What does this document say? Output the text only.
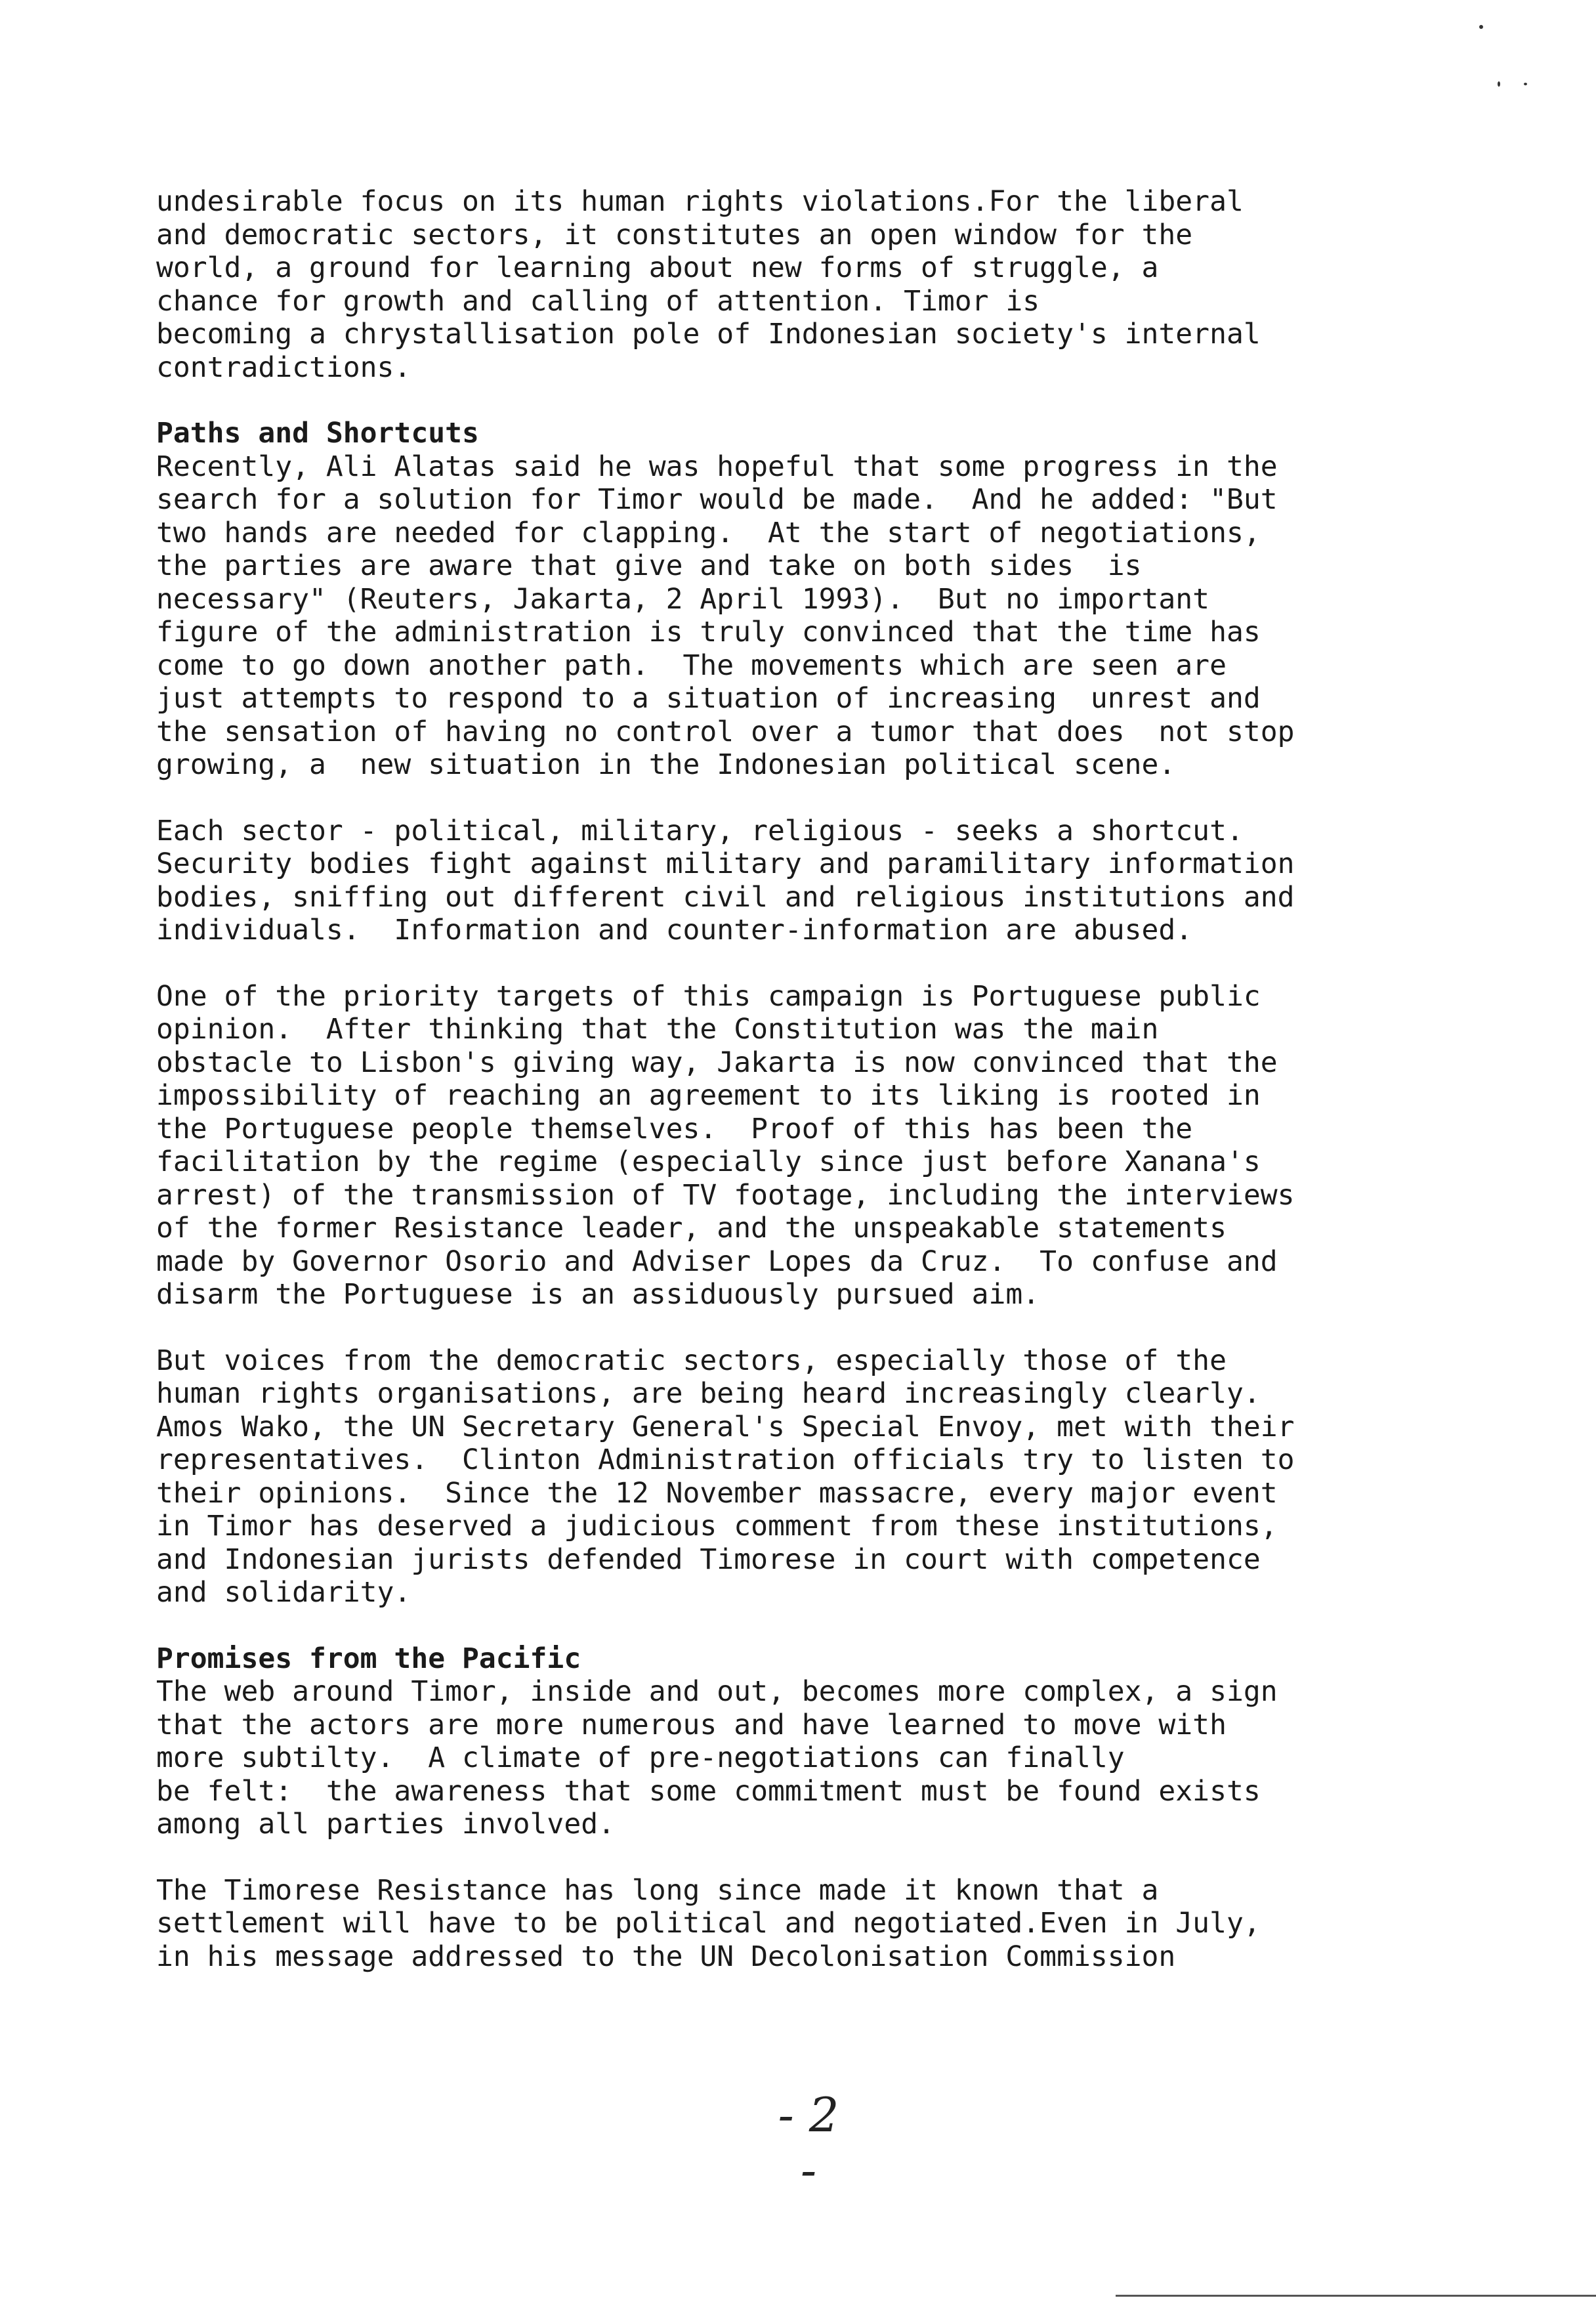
undesirable focus on its human rights violations.For the liberal
and democratic sectors, it constitutes an open window for the
world, a ground for learning about new forms of struggle, a
chance for growth and calling of attention. Timor is
becoming a chrystallisation pole of Indonesian society's internal
contradictions.
Paths and Shortcuts
Recently, Ali Alatas said he was hopeful that some progress in the
search for a solution for Timor would be made.  And he added: "But
two hands are needed for clapping.  At the start of negotiations,
the parties are aware that give and take on both sides  is
necessary" (Reuters, Jakarta, 2 April 1993).  But no important
figure of the administration is truly convinced that the time has
come to go down another path.  The movements which are seen are
just attempts to respond to a situation of increasing  unrest and
the sensation of having no control over a tumor that does  not stop
growing, a  new situation in the Indonesian political scene.
Each sector - political, military, religious - seeks a shortcut.
Security bodies fight against military and paramilitary information
bodies, sniffing out different civil and religious institutions and
individuals.  Information and counter-information are abused.
One of the priority targets of this campaign is Portuguese public
opinion.  After thinking that the Constitution was the main
obstacle to Lisbon's giving way, Jakarta is now convinced that the
impossibility of reaching an agreement to its liking is rooted in
the Portuguese people themselves.  Proof of this has been the
facilitation by the regime (especially since just before Xanana's
arrest) of the transmission of TV footage, including the interviews
of the former Resistance leader, and the unspeakable statements
made by Governor Osorio and Adviser Lopes da Cruz.  To confuse and
disarm the Portuguese is an assiduously pursued aim.
But voices from the democratic sectors, especially those of the
human rights organisations, are being heard increasingly clearly.
Amos Wako, the UN Secretary General's Special Envoy, met with their
representatives.  Clinton Administration officials try to listen to
their opinions.  Since the 12 November massacre, every major event
in Timor has deserved a judicious comment from these institutions,
and Indonesian jurists defended Timorese in court with competence
and solidarity.
Promises from the Pacific
The web around Timor, inside and out, becomes more complex, a sign
that the actors are more numerous and have learned to move with
more subtilty.  A climate of pre-negotiations can finally
be felt:  the awareness that some commitment must be found exists
among all parties involved.
The Timorese Resistance has long since made it known that a
settlement will have to be political and negotiated.Even in July,
in his message addressed to the UN Decolonisation Commission
- 2 -
